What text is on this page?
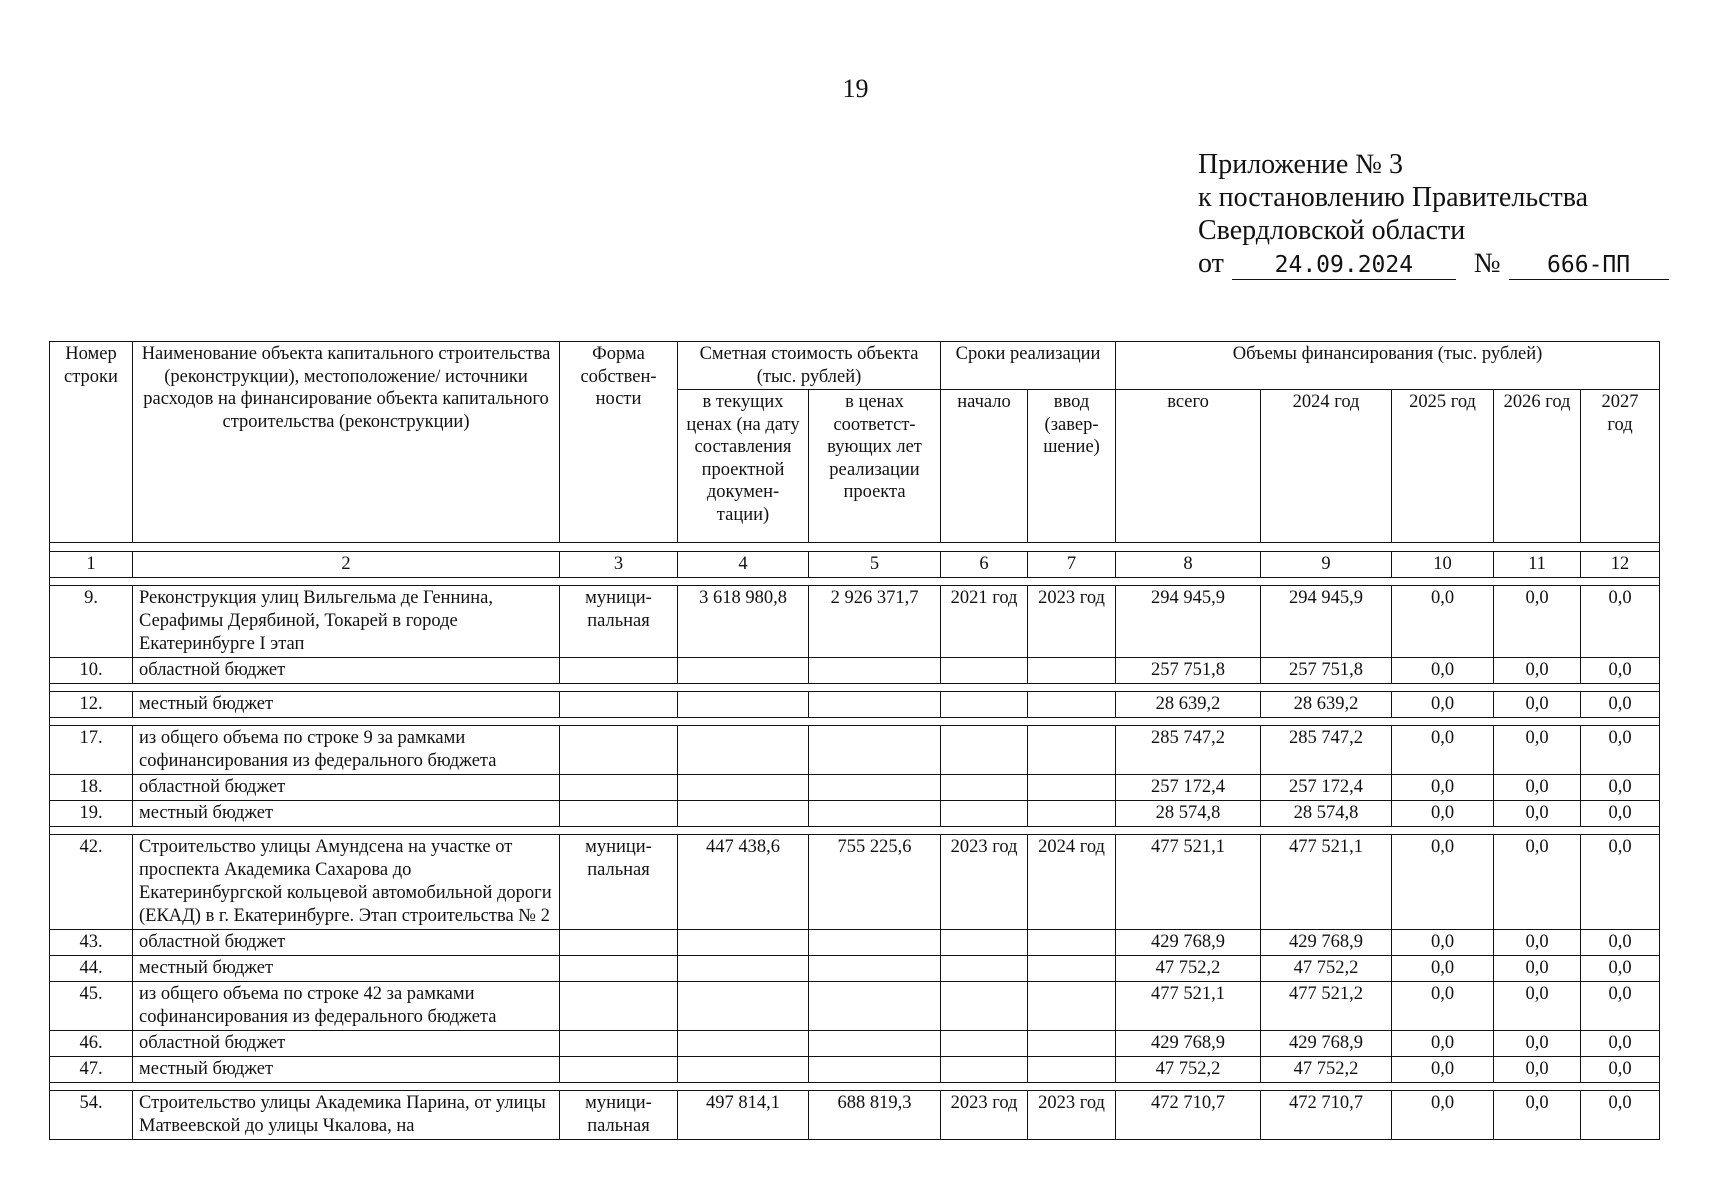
19
Приложение № 3
к постановлению Правительства
Свердловской области
от 24.09.2024 № 666-ПП
Номер строки	Наименование объекта капитального строительства (реконструкции), местоположение/ источники расходов на финансирование объекта капитального строительства (реконструкции)	Форма собствен- ности	Сметная стоимость объекта (тыс. рублей)		Сроки реализации		Объемы финансирования (тыс. рублей)				
			в текущих ценах (на дату составления проектной докумен- тации)	в ценах соответст- вующих лет реализации проекта	начало	ввод (завер- шение)	всего	2024 год	2025 год	2026 год	2027 год

1	2	3	4	5	6	7	8	9	10	11	12

9.	Реконструкция улиц Вильгельма де Геннина, Серафимы Дерябиной, Токарей в городе Екатеринбурге I этап	муници- пальная	3 618 980,8	2 926 371,7	2021 год	2023 год	294 945,9	294 945,9	0,0	0,0	0,0
10.	областной бюджет						257 751,8	257 751,8	0,0	0,0	0,0

12.	местный бюджет						28 639,2	28 639,2	0,0	0,0	0,0

17.	из общего объема по строке 9 за рамками софинансирования из федерального бюджета						285 747,2	285 747,2	0,0	0,0	0,0
18.	областной бюджет						257 172,4	257 172,4	0,0	0,0	0,0
19.	местный бюджет						28 574,8	28 574,8	0,0	0,0	0,0

42.	Строительство улицы Амундсена на участке от проспекта Академика Сахарова до Екатеринбургской кольцевой автомобильной дороги (ЕКАД) в г. Екатеринбурге. Этап строительства № 2	муници- пальная	447 438,6	755 225,6	2023 год	2024 год	477 521,1	477 521,1	0,0	0,0	0,0
43.	областной бюджет						429 768,9	429 768,9	0,0	0,0	0,0
44.	местный бюджет						47 752,2	47 752,2	0,0	0,0	0,0
45.	из общего объема по строке 42 за рамками софинансирования из федерального бюджета						477 521,1	477 521,2	0,0	0,0	0,0
46.	областной бюджет						429 768,9	429 768,9	0,0	0,0	0,0
47.	местный бюджет						47 752,2	47 752,2	0,0	0,0	0,0

54.	Строительство улицы Академика Парина, от улицы Матвеевской до улицы Чкалова, на	муници- пальная	497 814,1	688 819,3	2023 год	2023 год	472 710,7	472 710,7	0,0	0,0	0,0
